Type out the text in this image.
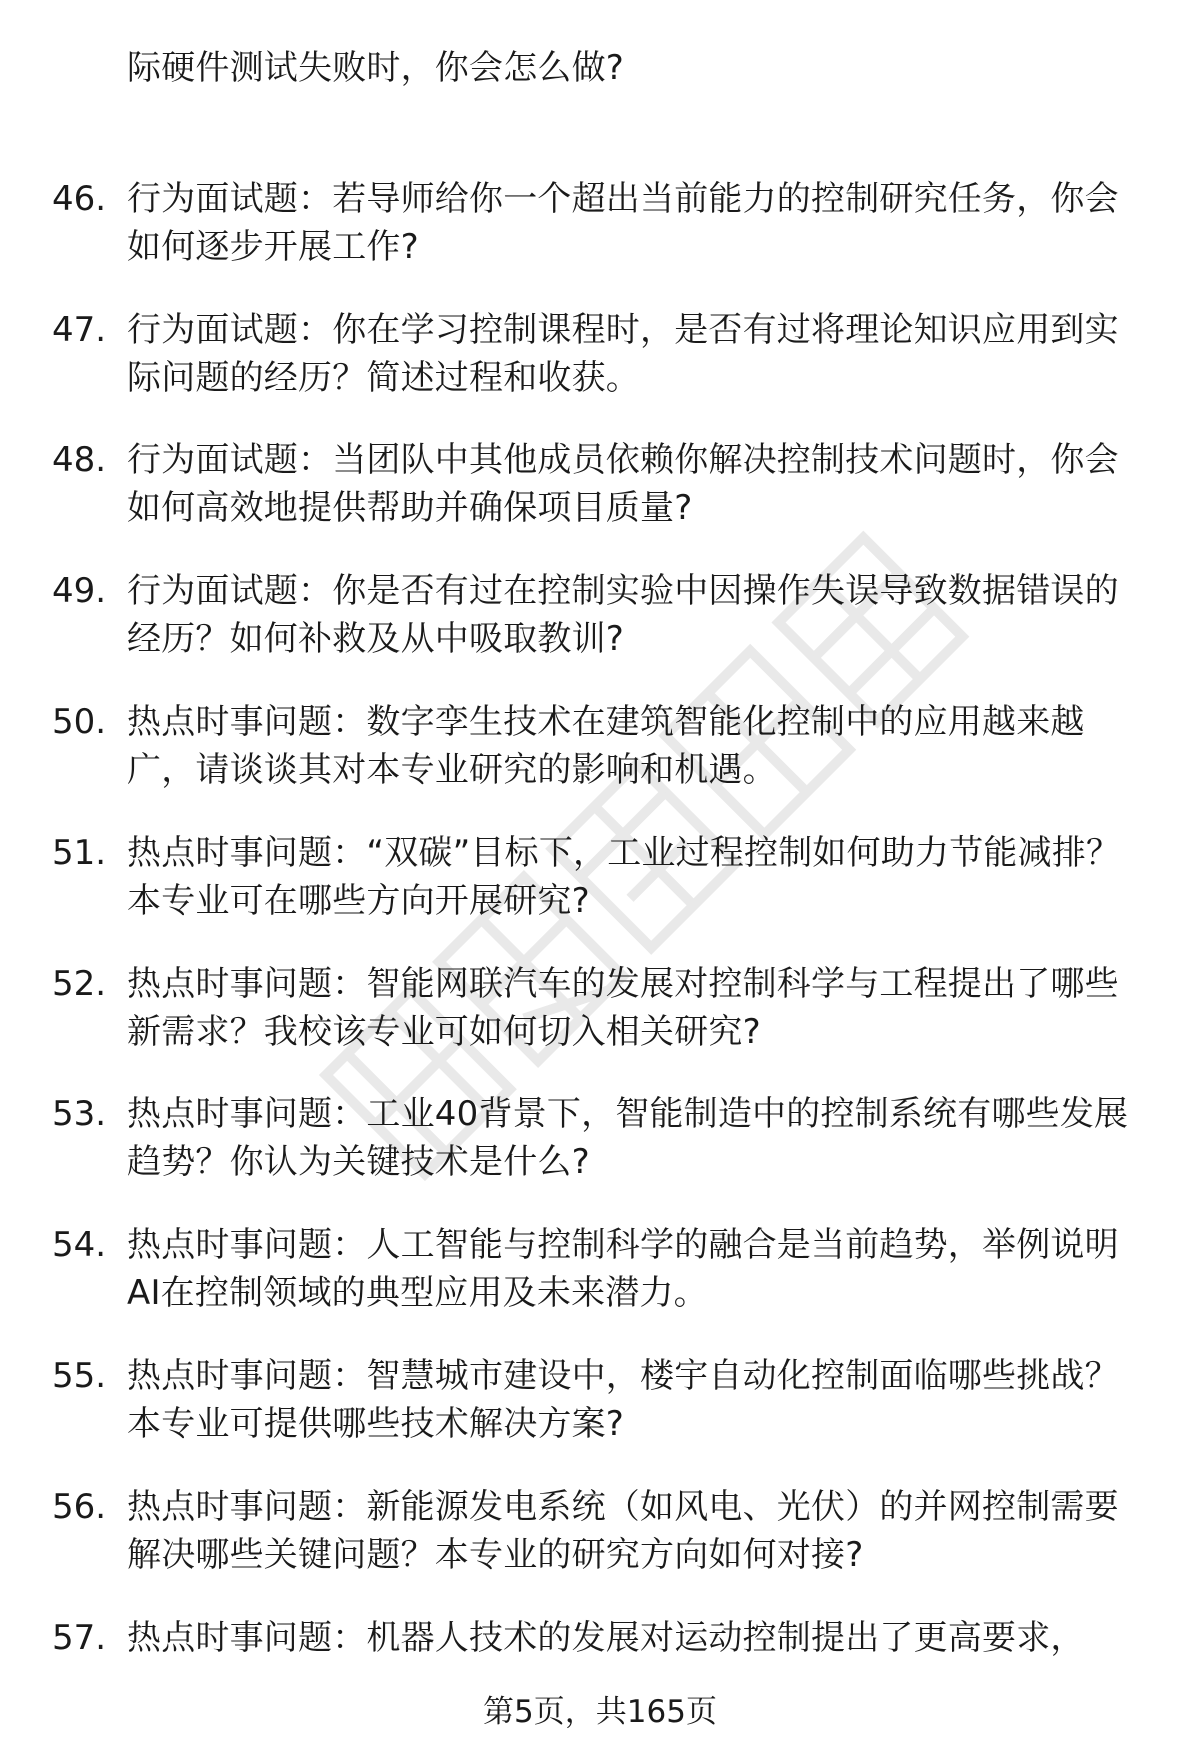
际硬件测试失败时，你会怎么做?
46. 行为面试题：若导师给你一个超出当前能力的控制研究任务，你会如何逐步开展工作?
47. 行为面试题：你在学习控制课程时，是否有过将理论知识应用到实际问题的经历？简述过程和收获。
48. 行为面试题：当团队中其他成员依赖你解决控制技术问题时，你会如何高效地提供帮助并确保项目质量?
49. 行为面试题：你是否有过在控制实验中因操作失误导致数据错误的经历？如何补救及从中吸取教训?
50. 热点时事问题：数字孪生技术在建筑智能化控制中的应用越来越广，请谈谈其对本专业研究的影响和机遇。
51. 热点时事问题：“双碳”目标下，工业过程控制如何助力节能减排？本专业可在哪些方向开展研究?
52. 热点时事问题：智能网联汽车的发展对控制科学与工程提出了哪些新需求？我校该专业可如何切入相关研究?
53. 热点时事问题：工业40背景下，智能制造中的控制系统有哪些发展趋势？你认为关键技术是什么?
54. 热点时事问题：人工智能与控制科学的融合是当前趋势，举例说明AI在控制领域的典型应用及未来潜力。
55. 热点时事问题：智慧城市建设中，楼宇自动化控制面临哪些挑战？本专业可提供哪些技术解决方案?
56. 热点时事问题：新能源发电系统（如风电、光伏）的并网控制需要解决哪些关键问题？本专业的研究方向如何对接?
57. 热点时事问题：机器人技术的发展对运动控制提出了更高要求，
第5页，共165页
